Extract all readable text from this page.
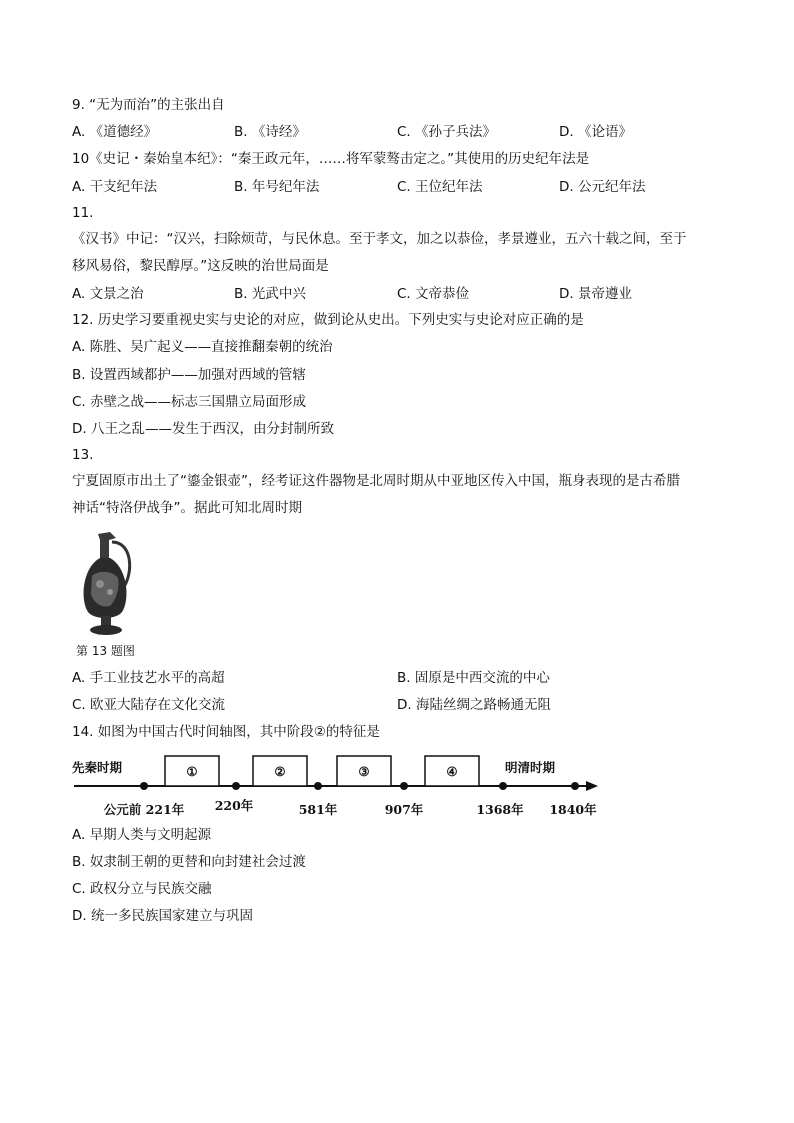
9. “无为而治”的主张出自
A. 《道德经》	B. 《诗经》	C. 《孙子兵法》	D. 《论语》
10《史记・秦始皇本纪》：“秦王政元年，……将军蒙骜击定之。”其使用的历史纪年法是
A. 干支纪年法	B. 年号纪年法	C. 王位纪年法	D. 公元纪年法
11.
《汉书》中记：“汉兴，扫除烦苛，与民休息。至于孝文，加之以恭俭，孝景遵业，五六十载之间，至于
移风易俗，黎民醇厚。”这反映的治世局面是
A. 文景之治	B. 光武中兴	C. 文帝恭俭	D. 景帝遵业
12. 历史学习要重视史实与史论的对应，做到论从史出。下列史实与史论对应正确的是
A. 陈胜、吴广起义——直接推翻秦朝的统治
B. 设置西域都护——加强对西域的管辖
C. 赤壁之战——标志三国鼎立局面形成
D. 八王之乱——发生于西汉，由分封制所致
13.
宁夏固原市出土了“鎏金银壶”，经考证这件器物是北周时期从中亚地区传入中国，瓶身表现的是古希腊
神话“特洛伊战争”。据此可知北周时期
第 13 题图
A. 手工业技艺水平的高超	B. 固原是中西交流的中心
C. 欧亚大陆存在文化交流	D. 海陆丝绸之路畅通无阻
14. 如图为中国古代时间轴图，其中阶段②的特征是
先秦时期	明清时期
①	②	③	④
公元前 221年 220年	581年	907年	1368年 1840年
A. 早期人类与文明起源
B. 奴隶制王朝的更替和向封建社会过渡
C. 政权分立与民族交融
D. 统一多民族国家建立与巩固
